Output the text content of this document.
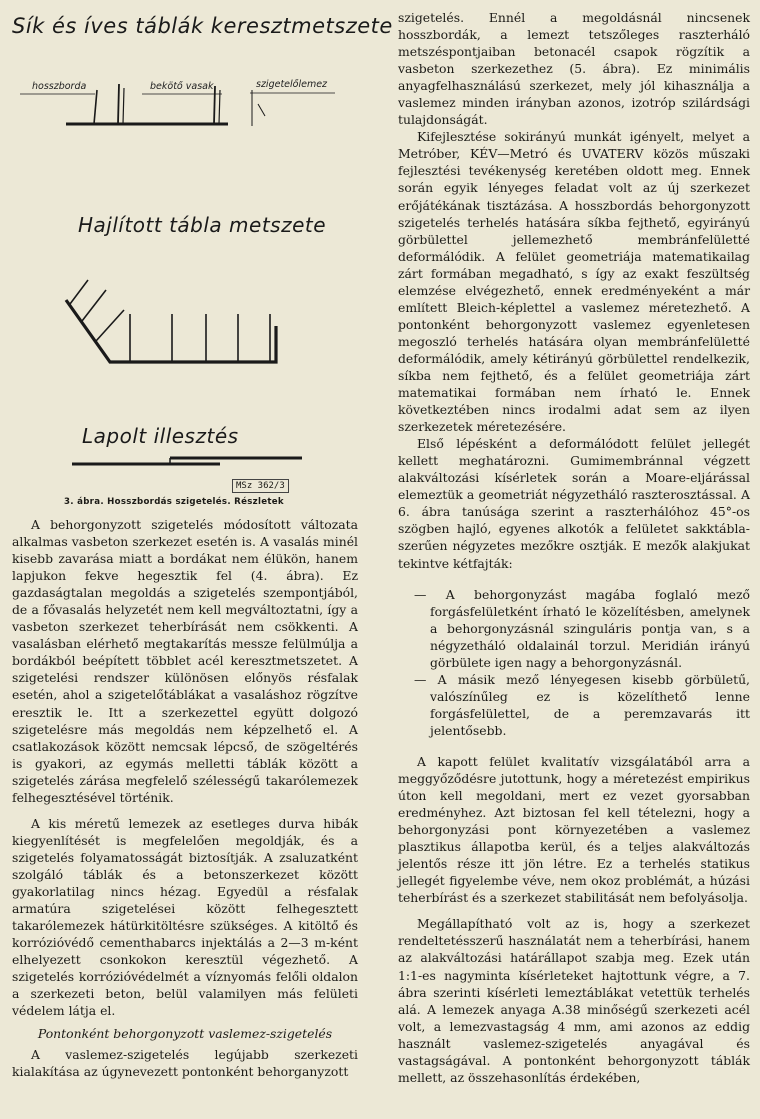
Sík és íves táblák keresztmetszete
hosszborda	bekötő vasak	szigetelőlemez
Hajlított tábla metszete
Lapolt illesztés
MSz 362/3
3. ábra. Hosszbordás szigetelés. Részletek

A behorgonyzott szigetelés módosított változata alkalmas vasbeton szerkezet esetén is. A vasalás minél kisebb zavarása miatt a bordákat nem élükön, hanem lapjukon fekve hegesztik fel (4. ábra). Ez gazdaságtalan megoldás a szigetelés szempontjából, de a fővasalás helyzetét nem kell megváltoztatni, így a vasbeton szerkezet teherbírását nem csökkenti. A vasalásban elérhető megtakarítás messze felülmúlja a bordákból beépített többlet acél keresztmetszetet. A szigetelési rendszer különösen előnyös résfalak esetén, ahol a szigetelőtáblákat a vasaláshoz rögzítve eresztik le. Itt a szerkezettel együtt dolgozó szigetelésre más megoldás nem képzelhető el. A csatlakozások között nemcsak lépcső, de szögeltérés is gyakori, az egymás melletti táblák között a szigetelés zárása megfelelő szélességű takarólemezek felhegesztésével történik.

A kis méretű lemezek az esetleges durva hibák kiegyenlítését is megfelelően megoldják, és a szigetelés folyamatosságát biztosítják. A zsaluzatként szolgáló táblák és a betonszerkezet között gyakorlatilag nincs hézag. Egyedül a résfalak armatúra szigetelései között felhegesztett takarólemezek hátürkitöltésre szükséges. A kitöltő és korrózióvédő cementhabarcs injektálás a 2—3 m-ként elhelyezett csonkokon keresztül végezhető. A szigetelés korrózióvédelmét a víznyomás felőli oldalon a szerkezeti beton, belül valamilyen más felületi védelem látja el.

Pontonként behorgonyzott vaslemez-szigetelés

A vaslemez-szigetelés legújabb szerkezeti kialakítása az úgynevezett pontonként behorganyzott

szigetelés. Ennél a megoldásnál nincsenek hosszbordák, a lemezt tetszőleges raszterháló metszéspontjaiban betonacél csapok rögzítik a vasbeton szerkezethez (5. ábra). Ez minimális anyagfelhasználású szerkezet, mely jól kihasználja a vaslemez minden irányban azonos, izotróp szilárdsági tulajdonságát.

Kifejlesztése sokirányú munkát igényelt, melyet a Metróber, KÉV—Metró és UVATERV közös műszaki fejlesztési tevékenység keretében oldott meg. Ennek során egyik lényeges feladat volt az új szerkezet erőjátékának tisztázása. A hosszbordás behorgonyzott szigetelés terhelés hatására síkba fejthető, egyirányú görbülettel jellemezhető membránfelületté deformálódik. A felület geometriája matematikailag zárt formában megadható, s így az exakt feszültség elemzése elvégezhető, ennek eredményeként a már említett Bleich-képlettel a vaslemez méretezhető. A pontonként behorgonyzott vaslemez egyenletesen megoszló terhelés hatására olyan membránfelületté deformálódik, amely kétirányú görbülettel rendelkezik, síkba nem fejthető, és a felület geometriája zárt matematikai formában nem írható le. Ennek következtében nincs irodalmi adat sem az ilyen szerkezetek méretezésére.

Első lépésként a deformálódott felület jellegét kellett meghatározni. Gumimembránnal végzett alakváltozási kísérletek során a Moare-eljárással elemeztük a geometriát négyzetháló raszterosztással. A 6. ábra tanúsága szerint a raszterhálóhoz 45°-os szögben hajló, egyenes alkotók a felületet sakktábla-szerűen négyzetes mezőkre osztják. E mezők alakjukat tekintve kétfajták:

— A behorgonyzást magába foglaló mező forgásfelületként írható le közelítésben, amelynek a behorgonyzásnál szinguláris pontja van, s a négyzetháló oldalainál torzul. Meridián irányú görbülete igen nagy a behorgonyzásnál.
— A másik mező lényegesen kisebb görbületű, valószínűleg ez is közelíthető lenne forgásfelülettel, de a peremzavarás itt jelentősebb.

A kapott felület kvalitatív vizsgálatából arra a meggyőződésre jutottunk, hogy a méretezést empirikus úton kell megoldani, mert ez vezet gyorsabban eredményhez. Azt biztosan fel kell tételezni, hogy a behorgonyzási pont környezetében a vaslemez plasztikus állapotba kerül, és a teljes alakváltozás jelentős része itt jön létre. Ez a terhelés statikus jellegét figyelembe véve, nem okoz problémát, a húzási teherbírást és a szerkezet stabilitását nem befolyásolja.

Megállapítható volt az is, hogy a szerkezet rendeltetésszerű használatát nem a teherbírási, hanem az alakváltozási határállapot szabja meg. Ezek után 1:1-es nagyminta kísérleteket hajtottunk végre, a 7. ábra szerinti kísérleti lemeztáblákat vetettük terhelés alá. A lemezek anyaga A.38 minőségű szerkezeti acél volt, a lemezvastagság 4 mm, ami azonos az eddig használt vaslemez-szigetelés anyagával és vastagságával. A pontonként behorgonyzott táblák mellett, az összehasonlítás érdekében,
